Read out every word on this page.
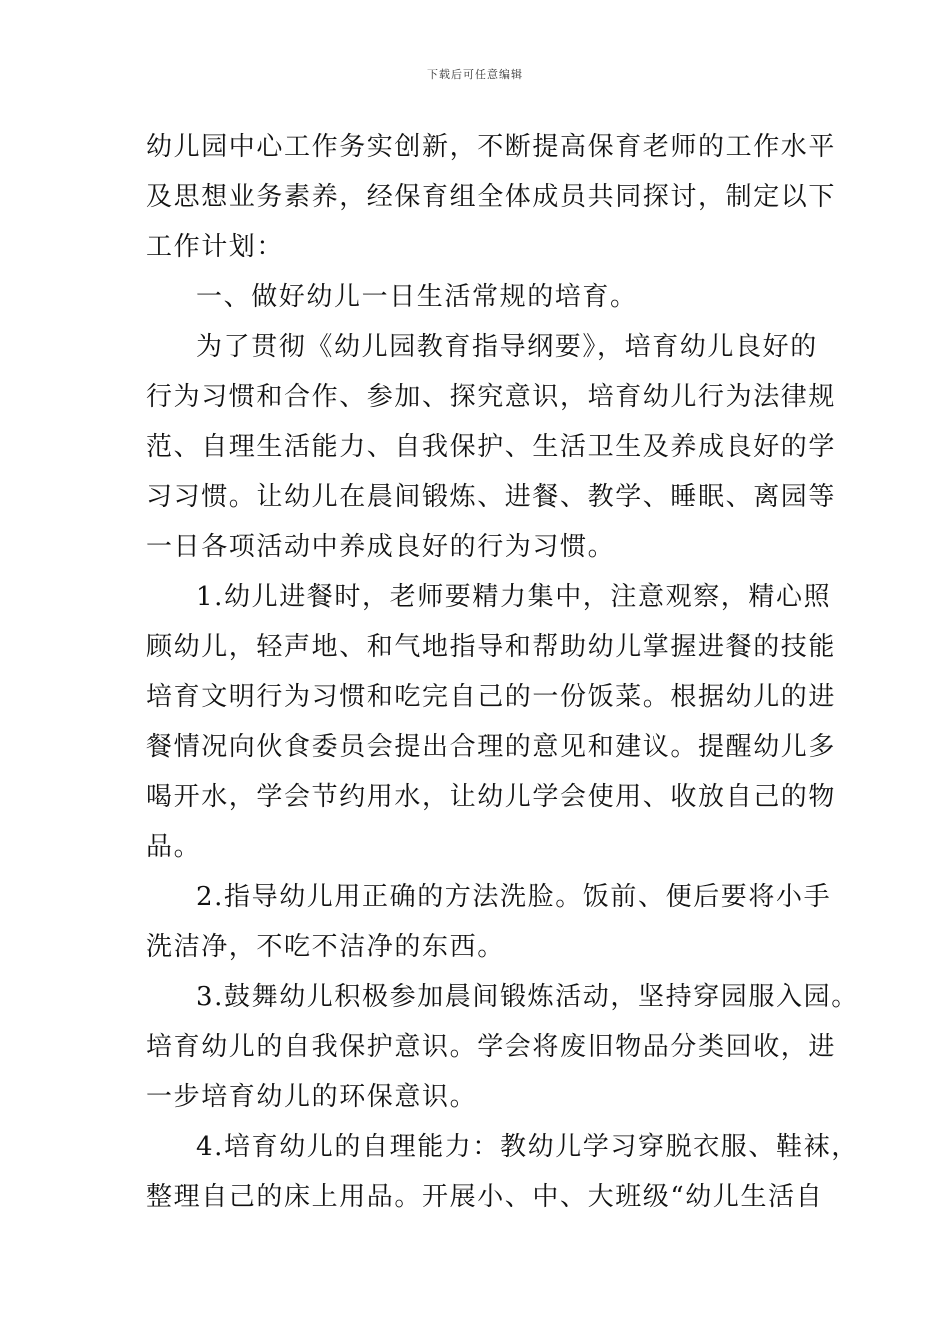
下载后可任意编辑
幼儿园中心工作务实创新，不断提高保育老师的工作水平
及思想业务素养，经保育组全体成员共同探讨，制定以下
工作计划：
一、做好幼儿一日生活常规的培育。
为了贯彻《幼儿园教育指导纲要》，培育幼儿良好的
行为习惯和合作、参加、探究意识，培育幼儿行为法律规
范、自理生活能力、自我保护、生活卫生及养成良好的学
习习惯。让幼儿在晨间锻炼、进餐、教学、睡眠、离园等
一日各项活动中养成良好的行为习惯。
1.幼儿进餐时，老师要精力集中，注意观察，精心照
顾幼儿，轻声地、和气地指导和帮助幼儿掌握进餐的技能
培育文明行为习惯和吃完自己的一份饭菜。根据幼儿的进
餐情况向伙食委员会提出合理的意见和建议。提醒幼儿多
喝开水，学会节约用水，让幼儿学会使用、收放自己的物
品。
2.指导幼儿用正确的方法洗脸。饭前、便后要将小手
洗洁净，不吃不洁净的东西。
3.鼓舞幼儿积极参加晨间锻炼活动，坚持穿园服入园。
培育幼儿的自我保护意识。学会将废旧物品分类回收，进
一步培育幼儿的环保意识。
4.培育幼儿的自理能力：教幼儿学习穿脱衣服、鞋袜，
整理自己的床上用品。开展小、中、大班级“幼儿生活自
